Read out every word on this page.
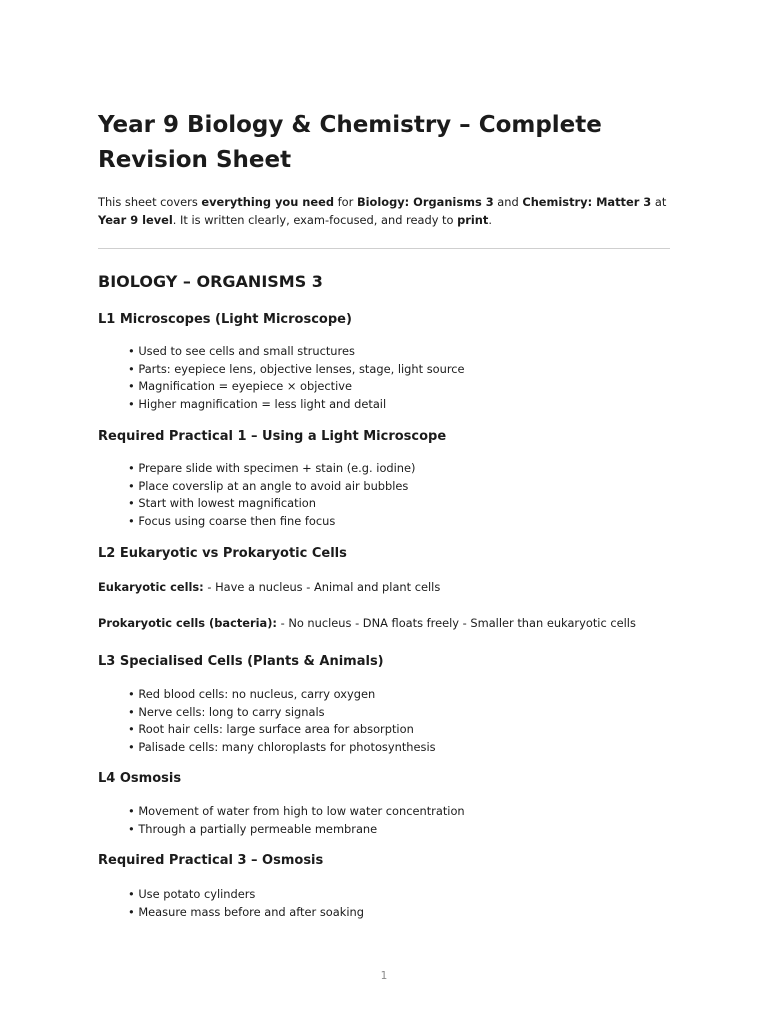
Year 9 Biology & Chemistry – Complete Revision Sheet

This sheet covers everything you need for Biology: Organisms 3 and Chemistry: Matter 3 at Year 9 level. It is written clearly, exam-focused, and ready to print.

BIOLOGY – ORGANISMS 3
L1 Microscopes (Light Microscope)
• Used to see cells and small structures
• Parts: eyepiece lens, objective lenses, stage, light source
• Magnification = eyepiece × objective
• Higher magnification = less light and detail
Required Practical 1 – Using a Light Microscope
• Prepare slide with specimen + stain (e.g. iodine)
• Place coverslip at an angle to avoid air bubbles
• Start with lowest magnification
• Focus using coarse then fine focus
L2 Eukaryotic vs Prokaryotic Cells

Eukaryotic cells: - Have a nucleus - Animal and plant cells

Prokaryotic cells (bacteria): - No nucleus - DNA floats freely - Smaller than eukaryotic cells

L3 Specialised Cells (Plants & Animals)
• Red blood cells: no nucleus, carry oxygen
• Nerve cells: long to carry signals
• Root hair cells: large surface area for absorption
• Palisade cells: many chloroplasts for photosynthesis
L4 Osmosis
• Movement of water from high to low water concentration
• Through a partially permeable membrane
Required Practical 3 – Osmosis
• Use potato cylinders
• Measure mass before and after soaking
1
